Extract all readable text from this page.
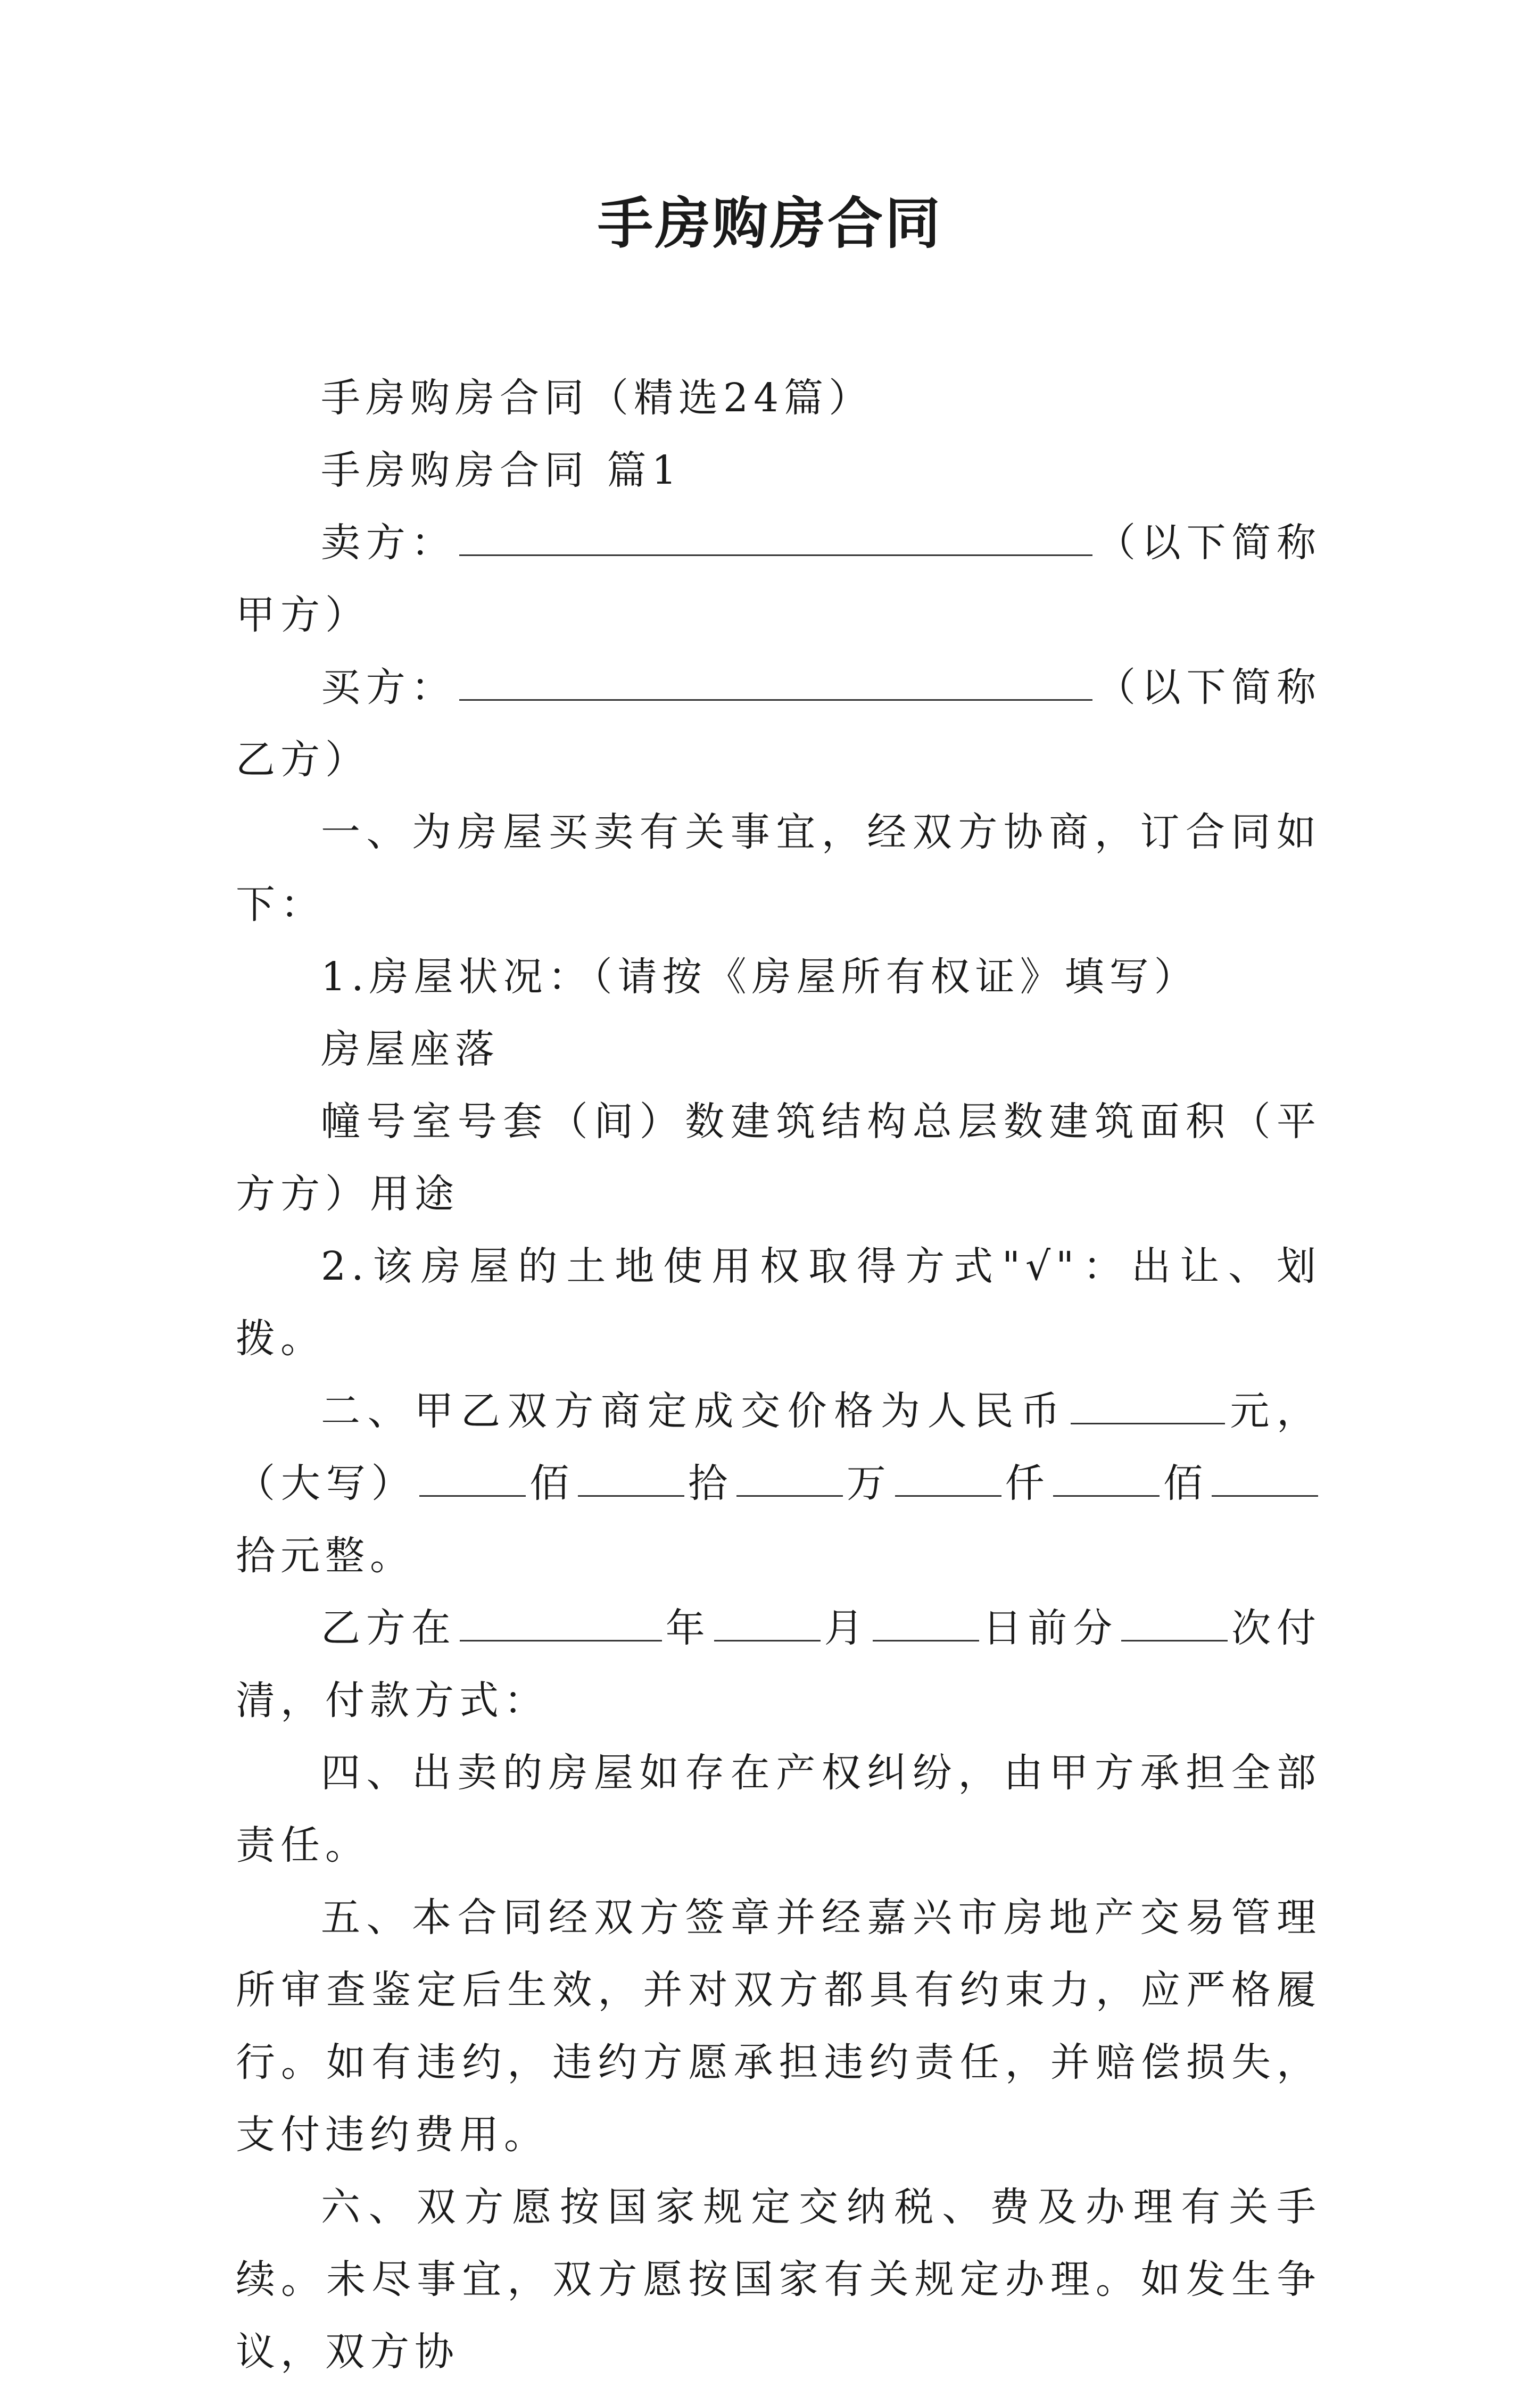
手房购房合同

手房购房合同（精选24篇）

手房购房合同 篇1

卖方：	（以下简称甲方）

买方：	（以下简称乙方）

一、为房屋买卖有关事宜，经双方协商，订合同如下：

1.房屋状况：（请按《房屋所有权证》填写）

房屋座落

幢号室号套（间）数建筑结构总层数建筑面积（平方方）用途

2.该房屋的土地使用权取得方式"√"：出让、划拨。

二、甲乙双方商定成交价格为人民币	元，（大写）	佰	拾	万	仟	佰拾元整。

乙方在	年	月	日前分	次付清，付款方式：

四、出卖的房屋如存在产权纠纷，由甲方承担全部责任。

五、本合同经双方签章并经嘉兴市房地产交易管理所审查鉴定后生效，并对双方都具有约束力，应严格履行。如有违约，违约方愿承担违约责任，并赔偿损失，支付违约费用。

六、双方愿按国家规定交纳税、费及办理有关手续。未尽事宜，双方愿按国家有关规定办理。如发生争议，双方协
